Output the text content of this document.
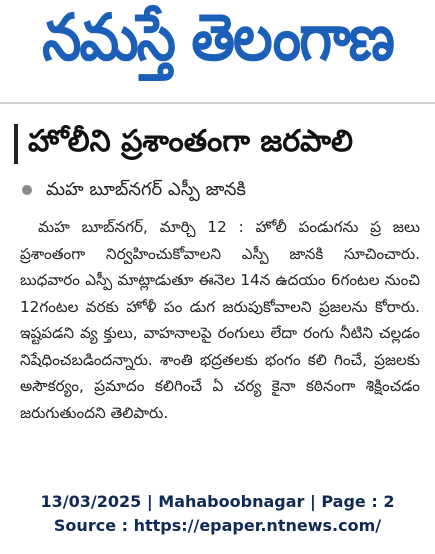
నమస్తే తెలంగాణ
హోలీని ప్రశాంతంగా జరపాలి
మహ బూబ్‌నగర్ ఎస్పీ జానకి
మహ బూబ్‌నగర్, మార్చి 12 : హోలీ పండుగను ప్ర జలు ప్రశాంతంగా నిర్వహించుకోవాలని ఎస్పీ జానకి సూచించారు. బుధవారం ఎస్పీ మాట్లాడుతూ ఈనెల 14న ఉదయం 6గంటల నుంచి 12గంటల వరకు హోళీ పం డుగ జరుపుకోవాలని ప్రజలను కోరారు. ఇష్టపడని వ్య క్తులు, వాహనాలపై రంగులు లేదా రంగు నీటిని చల్లడం నిషేధించబడిందన్నారు. శాంతి భద్రతలకు భంగం కలి గించే, ప్రజలకు అసౌకర్యం, ప్రమాదం కలిగించే ఏ చర్య కైనా కఠినంగా శిక్షించడం జరుగుతుందని తెలిపారు.
13/03/2025 | Mahaboobnagar | Page : 2
Source : https://epaper.ntnews.com/
